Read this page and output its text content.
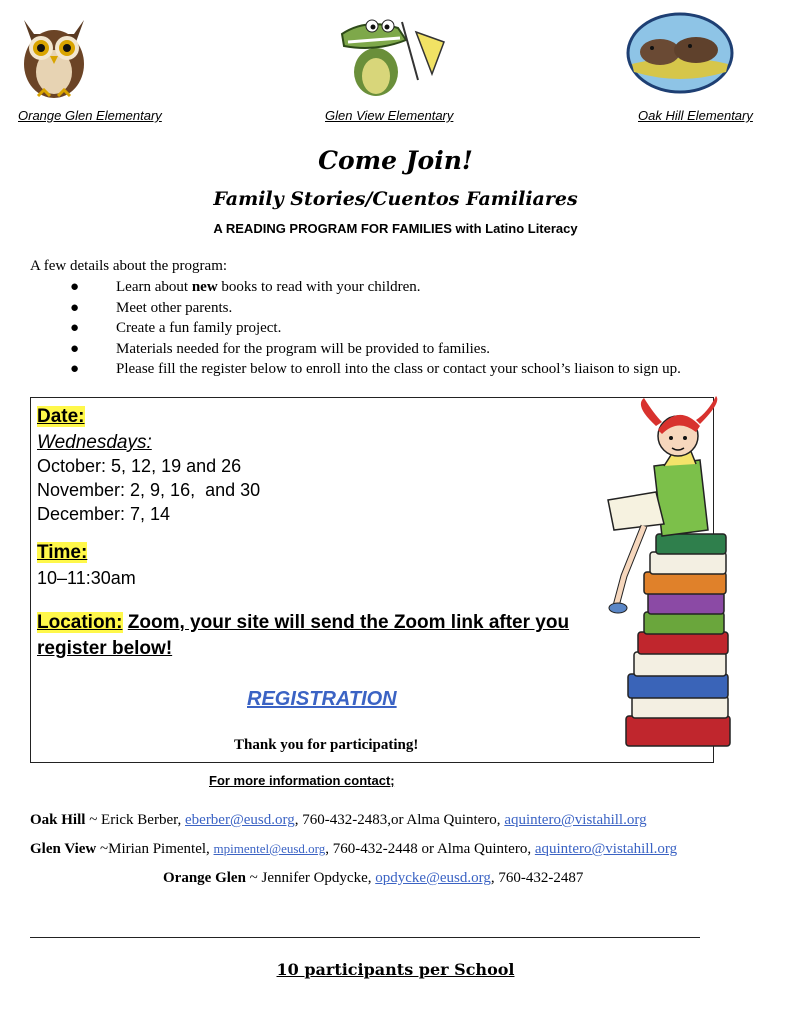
Orange Glen Elementary	Glen View Elementary	Oak Hill Elementary
Come Join!
Family Stories/Cuentos Familiares
A READING PROGRAM FOR FAMILIES with Latino Literacy
A few details about the program:
● Learn about new books to read with your children.
● Meet other parents.
● Create a fun family project.
● Materials needed for the program will be provided to families.
● Please fill the register below to enroll into the class or contact your school’s liaison to sign up.
Date:
Wednesdays:
October: 5, 12, 19 and 26
November: 2, 9, 16,  and 30
December: 7, 14
Time:
10–11:30am
Location: Zoom, your site will send the Zoom link after you
register below!
REGISTRATION
Thank you for participating!
For more information contact;
Oak Hill ~ Erick Berber, eberber@eusd.org, 760-432-2483,or Alma Quintero, aquintero@vistahill.org
Glen View ~Mirian Pimentel, mpimentel@eusd.org, 760-432-2448 or Alma Quintero, aquintero@vistahill.org
Orange Glen ~ Jennifer Opdycke, opdycke@eusd.org, 760-432-2487
10 participants per School
